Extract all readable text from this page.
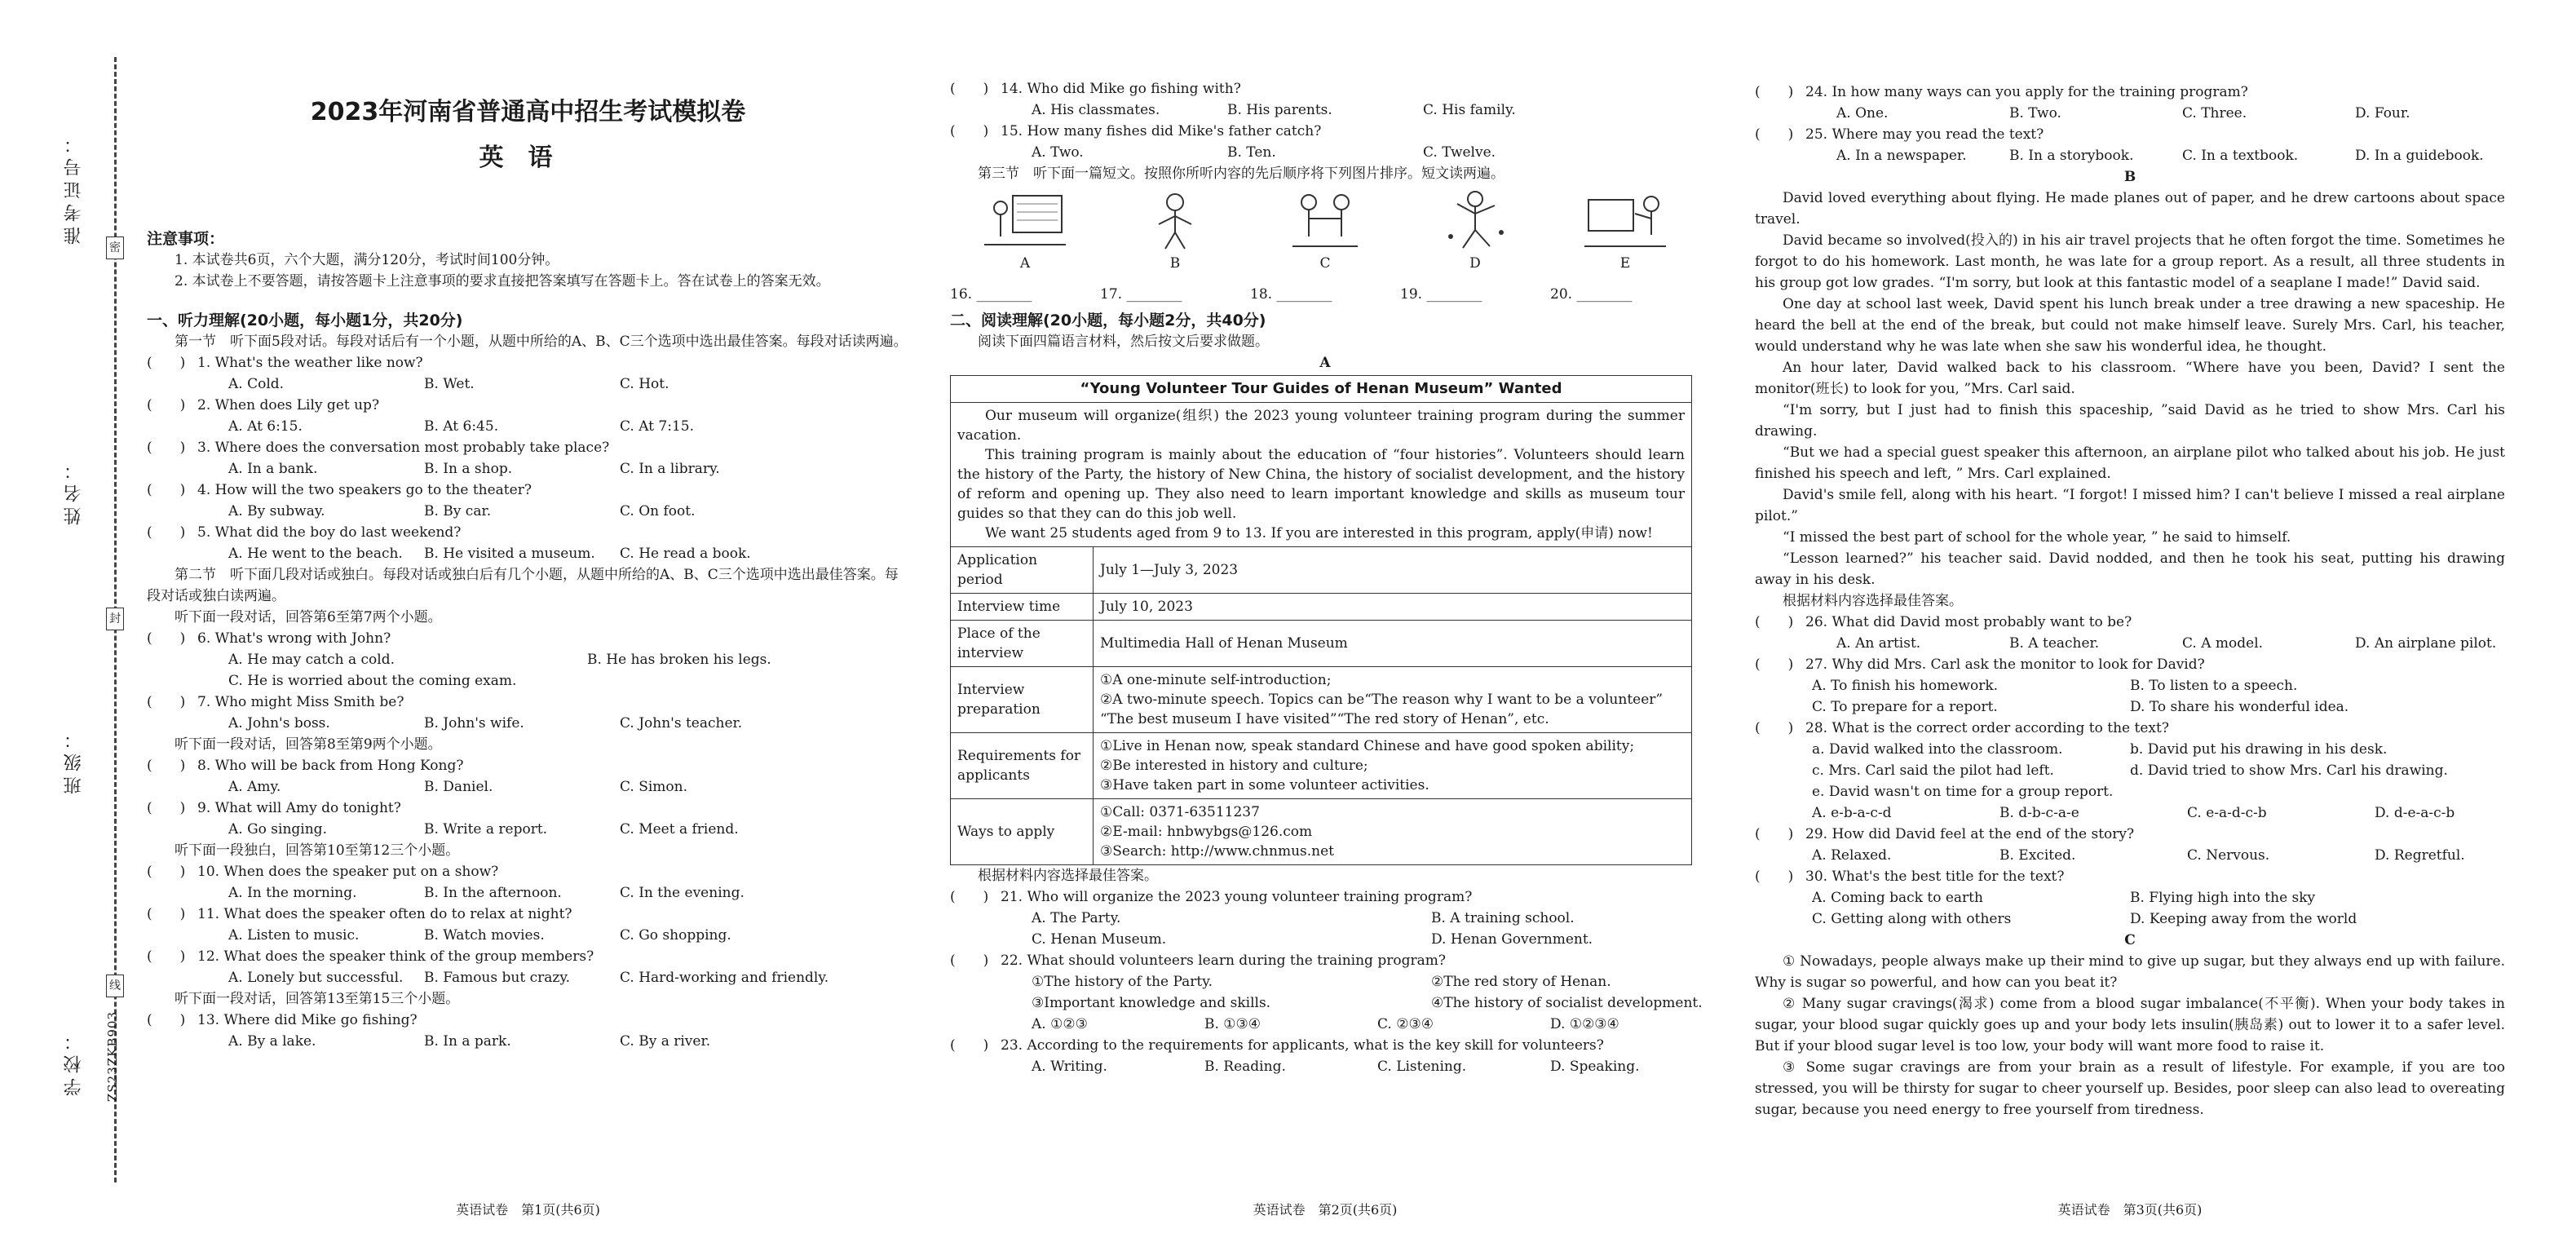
准考证号：
姓名：
班级：
学校：
密
封
线
ZS23ZKB903
2023年河南省普通高中招生考试模拟卷
英语
注意事项：

1. 本试卷共6页，六个大题，满分120分，考试时间100分钟。

2. 本试卷上不要答题，请按答题卡上注意事项的要求直接把答案填写在答题卡上。答在试卷上的答案无效。

一、听力理解(20小题，每小题1分，共20分)

第一节　听下面5段对话。每段对话后有一个小题，从题中所给的A、B、C三个选项中选出最佳答案。每段对话读两遍。

(　　) 1. What's the weather like now?
A. Cold.	B. Wet.	C. Hot.
(　　) 2. When does Lily get up?
A. At 6:15.	B. At 6:45.	C. At 7:15.
(　　) 3. Where does the conversation most probably take place?
A. In a bank.	B. In a shop.	C. In a library.
(　　) 4. How will the two speakers go to the theater?
A. By subway.	B. By car.	C. On foot.
(　　) 5. What did the boy do last weekend?
A. He went to the beach.	B. He visited a museum.	C. He read a book.

第二节　听下面几段对话或独白。每段对话或独白后有几个小题，从题中所给的A、B、C三个选项中选出最佳答案。每段对话或独白读两遍。

听下面一段对话，回答第6至第7两个小题。

(　　) 6. What's wrong with John?
A. He may catch a cold.	B. He has broken his legs.
C. He is worried about the coming exam.
(　　) 7. Who might Miss Smith be?
A. John's boss.	B. John's wife.	C. John's teacher.

听下面一段对话，回答第8至第9两个小题。

(　　) 8. Who will be back from Hong Kong?
A. Amy.	B. Daniel.	C. Simon.
(　　) 9. What will Amy do tonight?
A. Go singing.	B. Write a report.	C. Meet a friend.

听下面一段独白，回答第10至第12三个小题。

(　　) 10. When does the speaker put on a show?
A. In the morning.	B. In the afternoon.	C. In the evening.
(　　) 11. What does the speaker often do to relax at night?
A. Listen to music.	B. Watch movies.	C. Go shopping.
(　　) 12. What does the speaker think of the group members?
A. Lonely but successful.	B. Famous but crazy.	C. Hard-working and friendly.

听下面一段对话，回答第13至第15三个小题。

(　　) 13. Where did Mike go fishing?
A. By a lake.	B. In a park.	C. By a river.
英语试卷　第1页(共6页)
(　　) 14. Who did Mike go fishing with?
A. His classmates.	B. His parents.	C. His family.
(　　) 15. How many fishes did Mike's father catch?
A. Two.	B. Ten.	C. Twelve.

第三节　听下面一篇短文。按照你所听内容的先后顺序将下列图片排序。短文读两遍。

A	B	C	D	E
16. ________	17. ________	18. ________	19. ________	20. ________
二、阅读理解(20小题，每小题2分，共40分)

阅读下面四篇语言材料，然后按文后要求做题。

A
“Young Volunteer Tour Guides of Henan Museum” Wanted	

Our museum will organize(组织) the 2023 young volunteer training program during the summer vacation.

This training program is mainly about the education of “four histories”. Volunteers should learn the history of the Party, the history of New China, the history of socialist development, and the history of reform and opening up. They also need to learn important knowledge and skills as museum tour guides so that they can do this job well.

We want 25 students aged from 9 to 13. If you are interested in this program, apply(申请) now!	

Application period	July 1—July 3, 2023
Interview time	July 10, 2023
Place of the interview	Multimedia Hall of Henan Museum
Interview preparation	①A one-minute self-introduction;
②A two-minute speech. Topics can be“The reason why I want to be a volunteer” “The best museum I have visited”“The red story of Henan”, etc.

Requirements for applicants	①Live in Henan now, speak standard Chinese and have good spoken ability;
②Be interested in history and culture;
③Have taken part in some volunteer activities.

Ways to apply	①Call: 0371-63511237
②E-mail: hnbwybgs@126.com
③Search: http://www.chnmus.net

根据材料内容选择最佳答案。

(　　) 21. Who will organize the 2023 young volunteer training program?
A. The Party.	B. A training school.
C. Henan Museum.	D. Henan Government.
(　　) 22. What should volunteers learn during the training program?
①The history of the Party.	②The red story of Henan.
③Important knowledge and skills.	④The history of socialist development.
A. ①②③	B. ①③④	C. ②③④	D. ①②③④
(　　) 23. According to the requirements for applicants, what is the key skill for volunteers?
A. Writing.	B. Reading.	C. Listening.	D. Speaking.
英语试卷　第2页(共6页)
(　　) 24. In how many ways can you apply for the training program?
A. One.	B. Two.	C. Three.	D. Four.
(　　) 25. Where may you read the text?
A. In a newspaper.	B. In a storybook.	C. In a textbook.	D. In a guidebook.
B

David loved everything about flying. He made planes out of paper, and he drew cartoons about space travel.

David became so involved(投入的) in his air travel projects that he often forgot the time. Sometimes he forgot to do his homework. Last month, he was late for a group report. As a result, all three students in his group got low grades. “I'm sorry, but look at this fantastic model of a seaplane I made!” David said.

One day at school last week, David spent his lunch break under a tree drawing a new spaceship. He heard the bell at the end of the break, but could not make himself leave. Surely Mrs. Carl, his teacher, would understand why he was late when she saw his wonderful idea, he thought.

An hour later, David walked back to his classroom. “Where have you been, David? I sent the monitor(班长) to look for you, ”Mrs. Carl said.

“I'm sorry, but I just had to finish this spaceship, ”said David as he tried to show Mrs. Carl his drawing.

“But we had a special guest speaker this afternoon, an airplane pilot who talked about his job. He just finished his speech and left, ” Mrs. Carl explained.

David's smile fell, along with his heart. “I forgot! I missed him? I can't believe I missed a real airplane pilot.”

“I missed the best part of school for the whole year, ” he said to himself.

“Lesson learned?” his teacher said. David nodded, and then he took his seat, putting his drawing away in his desk.

根据材料内容选择最佳答案。

(　　) 26. What did David most probably want to be?
A. An artist.	B. A teacher.	C. A model.	D. An airplane pilot.
(　　) 27. Why did Mrs. Carl ask the monitor to look for David?
A. To finish his homework.	B. To listen to a speech.
C. To prepare for a report.	D. To share his wonderful idea.
(　　) 28. What is the correct order according to the text?
a. David walked into the classroom.	b. David put his drawing in his desk.
c. Mrs. Carl said the pilot had left.	d. David tried to show Mrs. Carl his drawing.
e. David wasn't on time for a group report.
A. e-b-a-c-d	B. d-b-c-a-e	C. e-a-d-c-b	D. d-e-a-c-b
(　　) 29. How did David feel at the end of the story?
A. Relaxed.	B. Excited.	C. Nervous.	D. Regretful.
(　　) 30. What's the best title for the text?
A. Coming back to earth	B. Flying high into the sky
C. Getting along with others	D. Keeping away from the world
C

① Nowadays, people always make up their mind to give up sugar, but they always end up with failure. Why is sugar so powerful, and how can you beat it?

② Many sugar cravings(渴求) come from a blood sugar imbalance(不平衡). When your body takes in sugar, your blood sugar quickly goes up and your body lets insulin(胰岛素) out to lower it to a safer level. But if your blood sugar level is too low, your body will want more food to raise it.

③ Some sugar cravings are from your brain as a result of lifestyle. For example, if you are too stressed, you will be thirsty for sugar to cheer yourself up. Besides, poor sleep can also lead to overeating sugar, because you need energy to free yourself from tiredness.

英语试卷　第3页(共6页)
